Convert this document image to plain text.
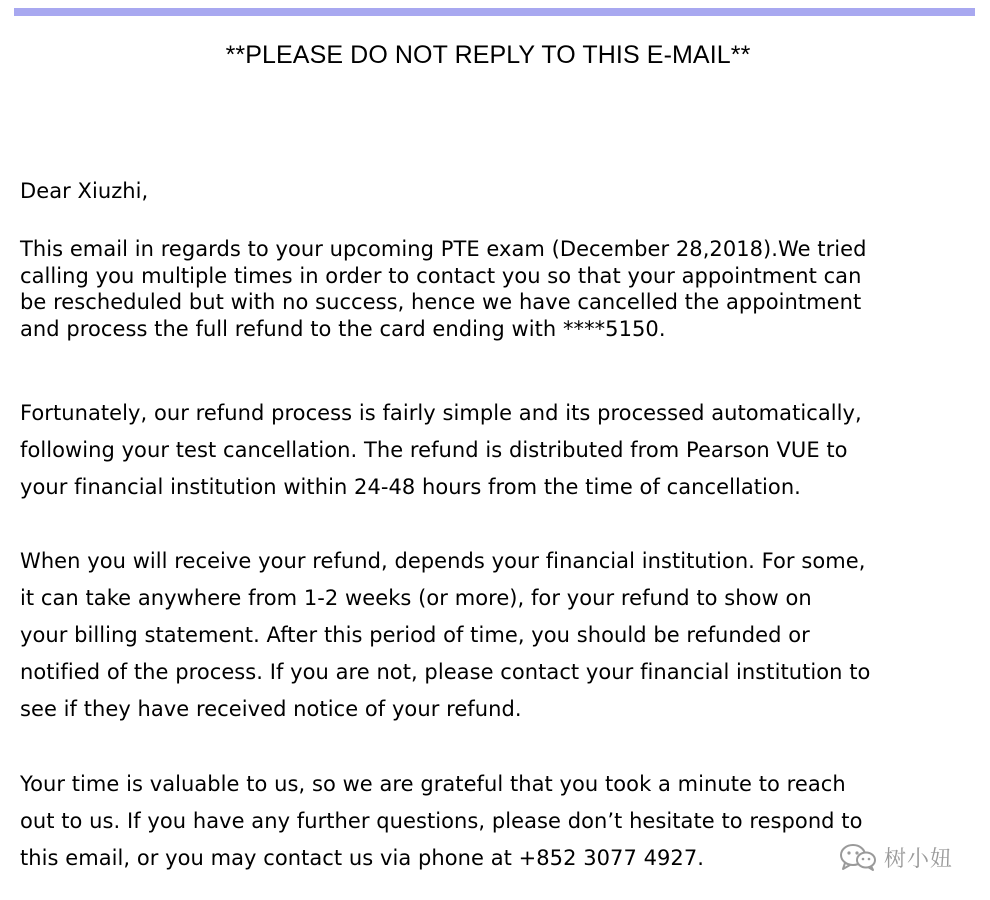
**PLEASE DO NOT REPLY TO THIS E-MAIL**
Dear Xiuzhi,
This email in regards to your upcoming PTE exam (December 28,2018).We tried
calling you multiple times in order to contact you so that your appointment can
be rescheduled but with no success, hence we have cancelled the appointment
and process the full refund to the card ending with ****5150.
Fortunately, our refund process is fairly simple and its processed automatically,
following your test cancellation. The refund is distributed from Pearson VUE to
your financial institution within 24-48 hours from the time of cancellation.
When you will receive your refund, depends your financial institution. For some,
it can take anywhere from 1-2 weeks (or more), for your refund to show on
your billing statement. After this period of time, you should be refunded or
notified of the process. If you are not, please contact your financial institution to
see if they have received notice of your refund.
Your time is valuable to us, so we are grateful that you took a minute to reach
out to us. If you have any further questions, please don’t hesitate to respond to
this email, or you may contact us via phone at +852 3077 4927.	树小妞
